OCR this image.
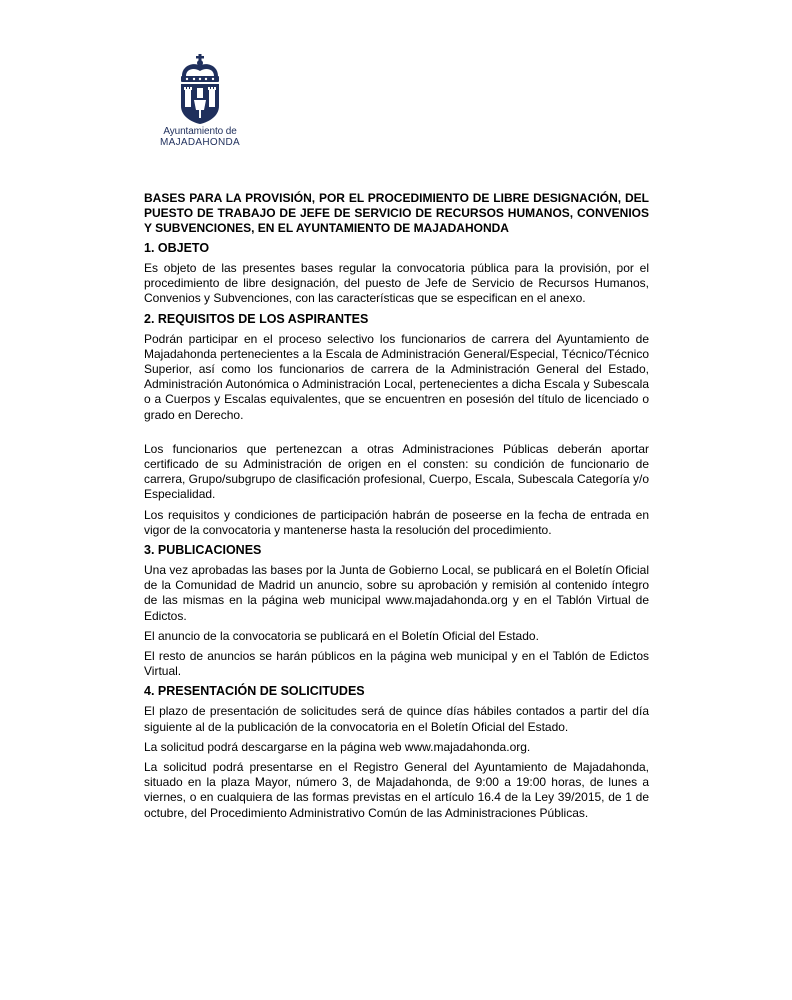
Ayuntamiento de
MAJADAHONDA
BASES PARA LA PROVISIÓN, POR EL PROCEDIMIENTO DE LIBRE DESIGNACIÓN, DEL PUESTO DE TRABAJO DE JEFE DE SERVICIO DE RECURSOS HUMANOS, CONVENIOS Y SUBVENCIONES, EN EL AYUNTAMIENTO DE MAJADAHONDA
1. OBJETO
Es objeto de las presentes bases regular la convocatoria pública para la provisión, por el procedimiento de libre designación, del puesto de Jefe de Servicio de Recursos Humanos, Convenios y Subvenciones, con las características que se especifican en el anexo.
2. REQUISITOS DE LOS ASPIRANTES
Podrán participar en el proceso selectivo los funcionarios de carrera del Ayuntamiento de Majadahonda pertenecientes a la Escala de Administración General/Especial, Técnico/Técnico Superior, así como los funcionarios de carrera de la Administración General del Estado, Administración Autonómica o Administración Local, pertenecientes a dicha Escala y Subescala o a Cuerpos y Escalas equivalentes, que se encuentren en posesión del título de licenciado o grado en Derecho.
Los funcionarios que pertenezcan a otras Administraciones Públicas deberán aportar certificado de su Administración de origen en el consten: su condición de funcionario de carrera, Grupo/subgrupo de clasificación profesional, Cuerpo, Escala, Subescala Categoría y/o Especialidad.
Los requisitos y condiciones de participación habrán de poseerse en la fecha de entrada en vigor de la convocatoria y mantenerse hasta la resolución del procedimiento.
3. PUBLICACIONES
Una vez aprobadas las bases por la Junta de Gobierno Local, se publicará en el Boletín Oficial de la Comunidad de Madrid un anuncio, sobre su aprobación y remisión al contenido íntegro de las mismas en la página web municipal www.majadahonda.org y en el Tablón Virtual de Edictos.
El anuncio de la convocatoria se publicará en el Boletín Oficial del Estado.
El resto de anuncios se harán públicos en la página web municipal y en el Tablón de Edictos Virtual.
4. PRESENTACIÓN DE SOLICITUDES
El plazo de presentación de solicitudes será de quince días hábiles contados a partir del día siguiente al de la publicación de la convocatoria en el Boletín Oficial del Estado.
La solicitud podrá descargarse en la página web www.majadahonda.org.
La solicitud podrá presentarse en el Registro General del Ayuntamiento de Majadahonda, situado en la plaza Mayor, número 3, de Majadahonda, de 9:00 a 19:00 horas, de lunes a viernes, o en cualquiera de las formas previstas en el artículo 16.4 de la Ley 39/2015, de 1 de octubre, del Procedimiento Administrativo Común de las Administraciones Públicas.
